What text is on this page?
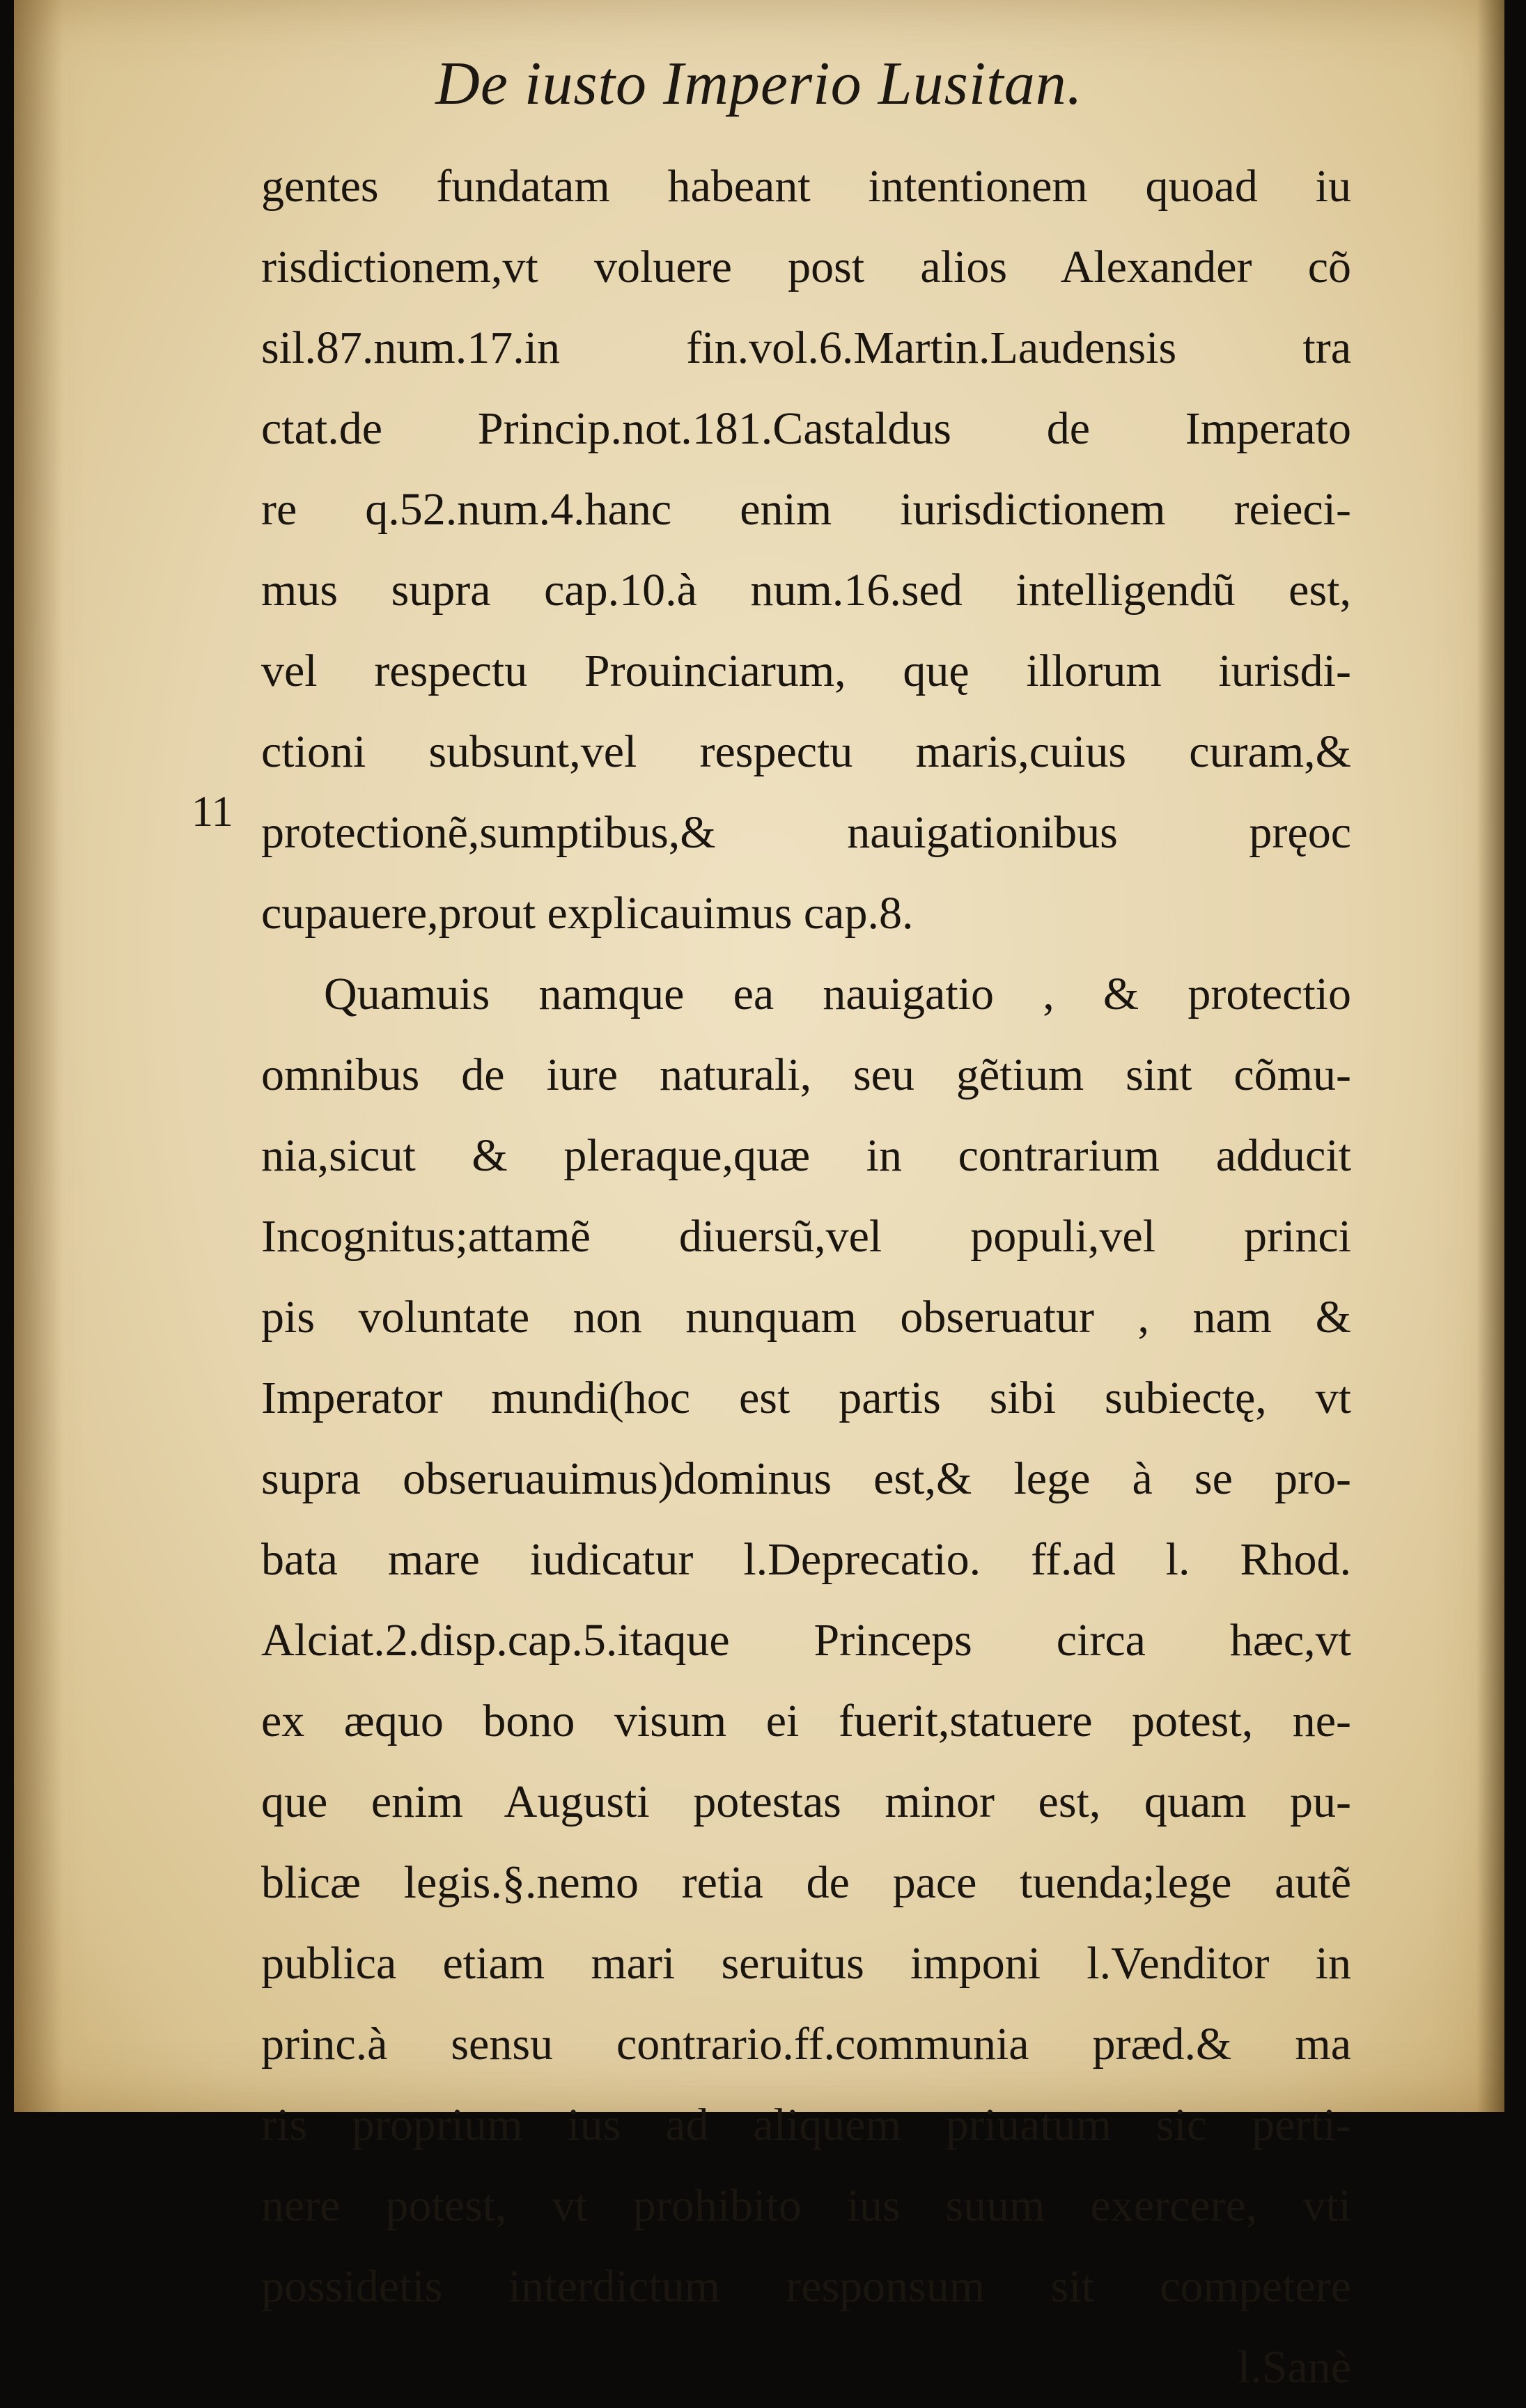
De iusto Imperio Lusitan.
11
gentes fundatam habeant intentionem quoad iu
risdictionem,vt voluere post alios Alexander cõ
sil.87.num.17.in fin.vol.6.Martin.Laudensis tra
ctat.de Princip.not.181.Castaldus de Imperato
re q.52.num.4.hanc enim iurisdictionem reieci-
mus supra cap.10.à num.16.sed intelligendũ est,
vel respectu Prouinciarum, quę illorum iurisdi-
ctioni subsunt,vel respectu maris,cuius curam,&
protectionẽ,sumptibus,& nauigationibus pręoc
cupauere,prout explicauimus cap.8.
Quamuis namque ea nauigatio , & protectio
omnibus de iure naturali, seu gẽtium sint cõmu-
nia,sicut & pleraque,quæ in contrarium adducit
Incognitus;attamẽ diuersũ,vel populi,vel princi
pis voluntate non nunquam obseruatur , nam &
Imperator mundi(hoc est partis sibi subiectę, vt
supra obseruauimus)dominus est,& lege à se pro-
bata mare iudicatur l.Deprecatio. ff.ad l. Rhod.
Alciat.2.disp.cap.5.itaque Princeps circa hæc,vt
ex æquo bono visum ei fuerit,statuere potest, ne-
que enim Augusti potestas minor est, quam pu-
blicæ legis.§.nemo retia de pace tuenda;lege autẽ
publica etiam mari seruitus imponi l.Venditor in
princ.à sensu contrario.ff.communia præd.& ma
ris proprium ius ad aliquem priuatum sic perti-
nere potest, vt prohibito ius suum exercere, vti
possidetis interdictum responsum sit competere
l.Sanè
